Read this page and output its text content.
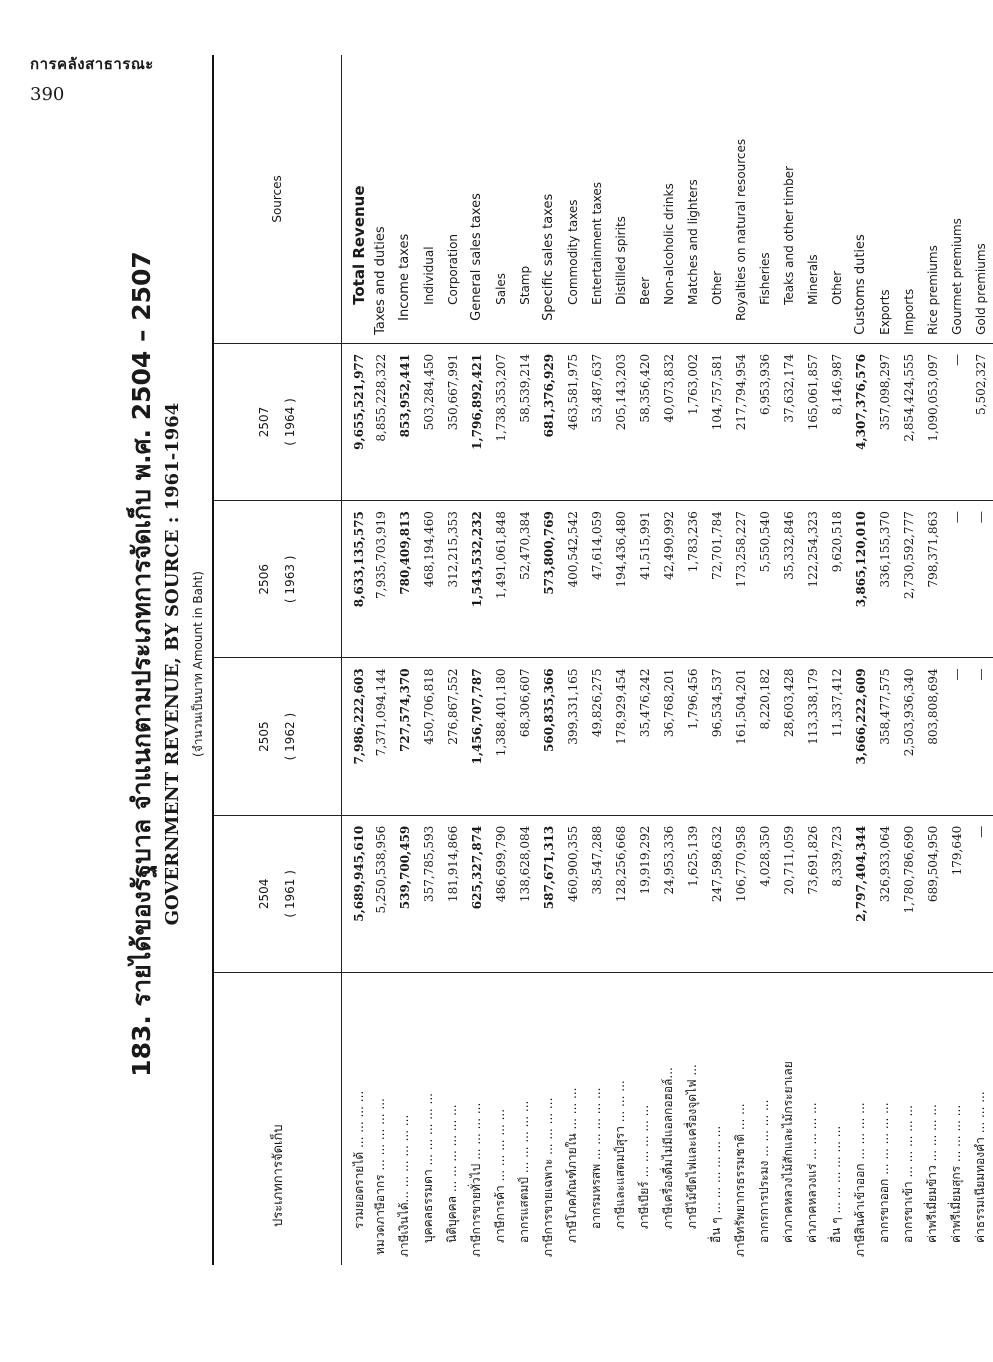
การคลังสาธารณะ
390
183. รายได้ของรัฐบาล จำแนกตามประเภทการจัดเก็บ พ.ศ. 2504 – 2507 GOVERNMENT REVENUE, BY SOURCE : 1961-1964 (จำนวนเป็นบาท Amount in Baht)
ประเภทการจัดเก็บ	2504 ( 1961 )	2505 ( 1962 )	2506 ( 1963 )	2507 ( 1964 )	Sources
รวมยอดรายได้ ... ... ... ...	5,689,945,610	7,986,222,603	8,633,135,575	9,655,521,977	Total Revenue
หมวดภาษีอากร ... ... ... ... ...	5,250,538,956	7,371,094,144	7,935,703,919	8,855,228,322	Taxes and duties
ภาษีเงินได้... ... ... ... ... ...	539,700,459	727,574,370	780,409,813	853,952,441	Income taxes
บุคคลธรรมดา ... ... ... ... ...	357,785,593	450,706,818	468,194,460	503,284,450	Individual
นิติบุคคล ... ... ... ... ... ...	181,914,866	276,867,552	312,215,353	350,667,991	Corporation
ภาษีการขายทั่วไป ... ... ... ...	625,327,874	1,456,707,787	1,543,532,232	1,796,892,421	General sales taxes
ภาษีการค้า ... ... ... ... ...	486,699,790	1,388,401,180	1,491,061,848	1,738,353,207	Sales
อากรแสตมป์ ... ... ... ... ...	138,628,084	68,306,607	52,470,384	58,539,214	Stamp
ภาษีการขายเฉพาะ ... ... ... ...	587,671,313	560,835,366	573,800,769	681,376,929	Specific sales taxes
ภาษีโภคภัณฑ์ภายใน ... ... ...	460,900,355	399,331,165	400,542,542	463,581,975	Commodity taxes
อากรมหรสพ ... ... ... ... ...	38,547,288	49,826,275	47,614,059	53,487,637	Entertainment taxes
ภาษีและแสตมป์สุรา ... ... ...	128,256,668	178,929,454	194,436,480	205,143,203	Distilled spirits
ภาษีเบียร์ ... ... ... ... ...	19,919,292	35,476,242	41,515,991	58,356,420	Beer
ภาษีเครื่องดื่มไม่มีแอลกอฮอล์...	24,953,336	36,768,201	42,490,992	40,073,832	Non-alcoholic drinks
ภาษีไม้ขีดไฟและเครื่องจุดไฟ ...	1,625,139	1,796,456	1,783,236	1,763,002	Matches and lighters
อื่น ๆ ... ... ... ... ... ...	247,598,632	96,534,537	72,701,784	104,757,581	Other
ภาษีทรัพยากรธรรมชาติ ... ...	106,770,958	161,504,201	173,258,227	217,794,954	Royalties on natural resources
อากรการประมง ... ... ... ...	4,028,350	8,220,182	5,550,540	6,953,936	Fisheries
ค่าภาคหลวงไม้สักและไม้กระยาเลย	20,711,059	28,603,428	35,332,846	37,632,174	Teaks and other timber
ค่าภาคหลวงแร่ ... ... ... ...	73,691,826	113,338,179	122,254,323	165,061,857	Minerals
อื่น ๆ ... ... ... ... ... ...	8,339,723	11,337,412	9,620,518	8,146,987	Other
ภาษีสินค้าเข้าออก ... ... ... ...	2,797,404,344	3,666,222,609	3,865,120,010	4,307,376,576	Customs duties
อากรขาออก ... ... ... ... ...	326,933,064	358,477,575	336,155,370	357,098,297	Exports
อากรขาเข้า ... ... ... ... ...	1,780,786,690	2,503,936,340	2,730,592,777	2,854,424,555	Imports
ค่าพรีเมี่ยมข้าว ... ... ... ...	689,504,950	803,808,694	798,371,863	1,090,053,097	Rice premiums
ค่าพรีเมี่ยมสุกร ... ... ... ...	179,640	—	—	—	Gourmet premiums
ค่าธรรมเนียมทองคำ ... ... ...	—	—	—	5,502,327	Gold premiums
